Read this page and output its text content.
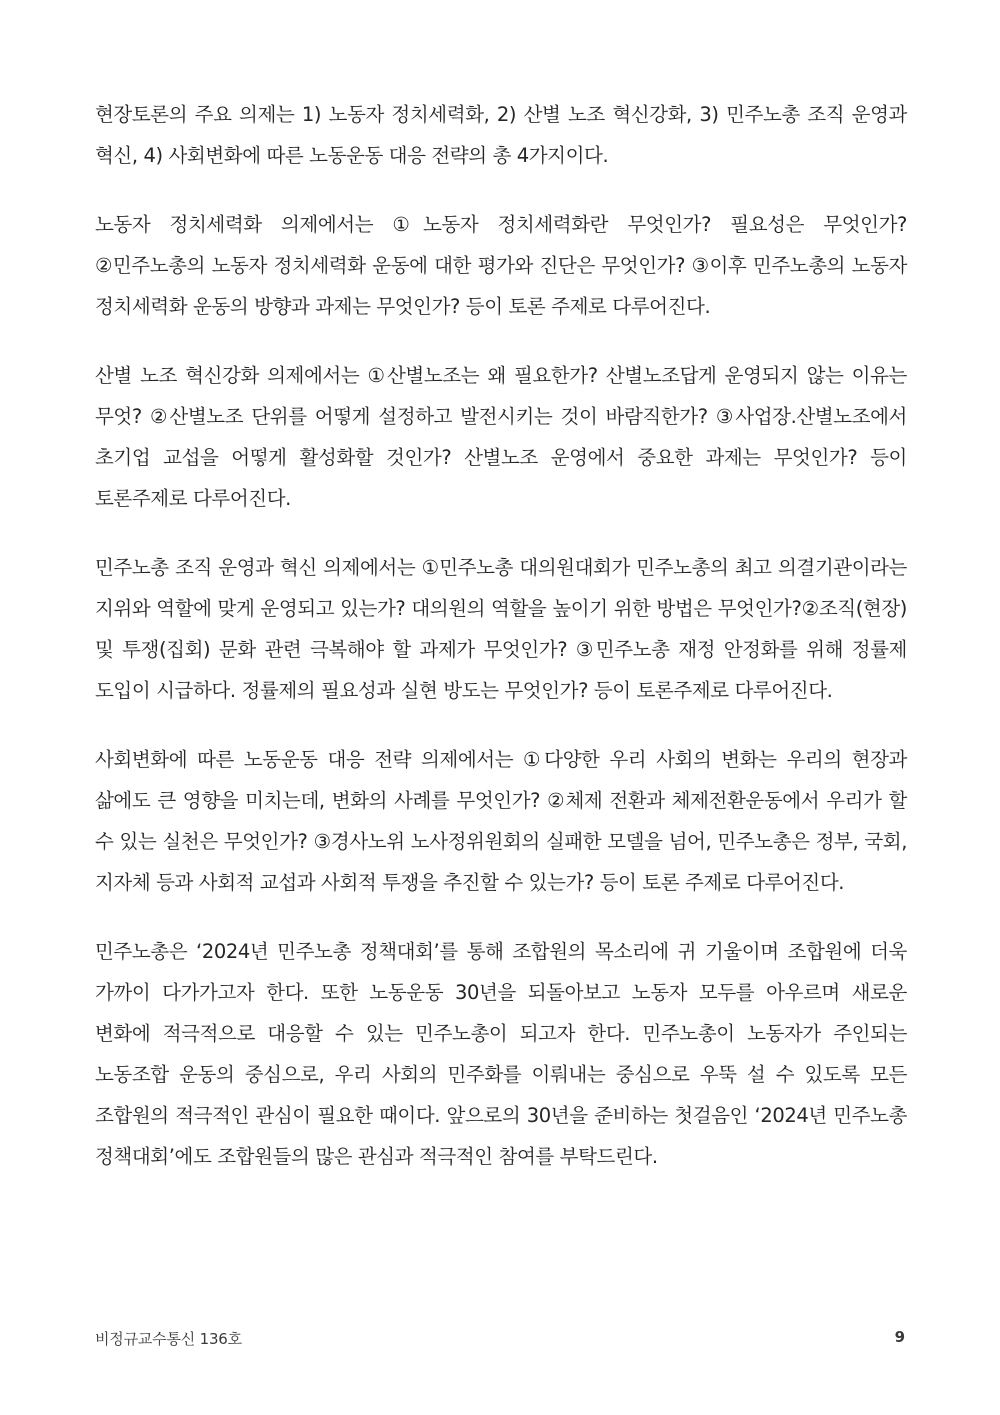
현장토론의 주요 의제는 1) 노동자 정치세력화, 2) 산별 노조 혁신강화, 3) 민주노총 조직 운영과 혁신, 4) 사회변화에 따른 노동운동 대응 전략의 총 4가지이다.

노동자 정치세력화 의제에서는 ①노동자 정치세력화란 무엇인가? 필요성은 무엇인가? ②민주노총의 노동자 정치세력화 운동에 대한 평가와 진단은 무엇인가? ③이후 민주노총의 노동자 정치세력화 운동의 방향과 과제는 무엇인가? 등이 토론 주제로 다루어진다.

산별 노조 혁신강화 의제에서는 ①산별노조는 왜 필요한가? 산별노조답게 운영되지 않는 이유는 무엇? ②산별노조 단위를 어떻게 설정하고 발전시키는 것이 바람직한가? ③사업장.산별노조에서 초기업 교섭을 어떻게 활성화할 것인가? 산별노조 운영에서 중요한 과제는 무엇인가? 등이 토론주제로 다루어진다.

민주노총 조직 운영과 혁신 의제에서는 ①민주노총 대의원대회가 민주노총의 최고 의결기관이라는 지위와 역할에 맞게 운영되고 있는가? 대의원의 역할을 높이기 위한 방법은 무엇인가?②조직(현장) 및 투쟁(집회) 문화 관련 극복해야 할 과제가 무엇인가? ③민주노총 재정 안정화를 위해 정률제 도입이 시급하다. 정률제의 필요성과 실현 방도는 무엇인가? 등이 토론주제로 다루어진다.

사회변화에 따른 노동운동 대응 전략 의제에서는 ①다양한 우리 사회의 변화는 우리의 현장과 삶에도 큰 영향을 미치는데, 변화의 사례를 무엇인가? ②체제 전환과 체제전환운동에서 우리가 할 수 있는 실천은 무엇인가? ③경사노위 노사정위원회의 실패한 모델을 넘어, 민주노총은 정부, 국회, 지자체 등과 사회적 교섭과 사회적 투쟁을 추진할 수 있는가? 등이 토론 주제로 다루어진다.

민주노총은 ‘2024년 민주노총 정책대회’를 통해 조합원의 목소리에 귀 기울이며 조합원에 더욱 가까이 다가가고자 한다. 또한 노동운동 30년을 되돌아보고 노동자 모두를 아우르며 새로운 변화에 적극적으로 대응할 수 있는 민주노총이 되고자 한다. 민주노총이 노동자가 주인되는 노동조합 운동의 중심으로, 우리 사회의 민주화를 이뤄내는 중심으로 우뚝 설 수 있도록 모든 조합원의 적극적인 관심이 필요한 때이다. 앞으로의 30년을 준비하는 첫걸음인 ‘2024년 민주노총 정책대회’에도 조합원들의 많은 관심과 적극적인 참여를 부탁드린다.

비정규교수통신 136호	9
